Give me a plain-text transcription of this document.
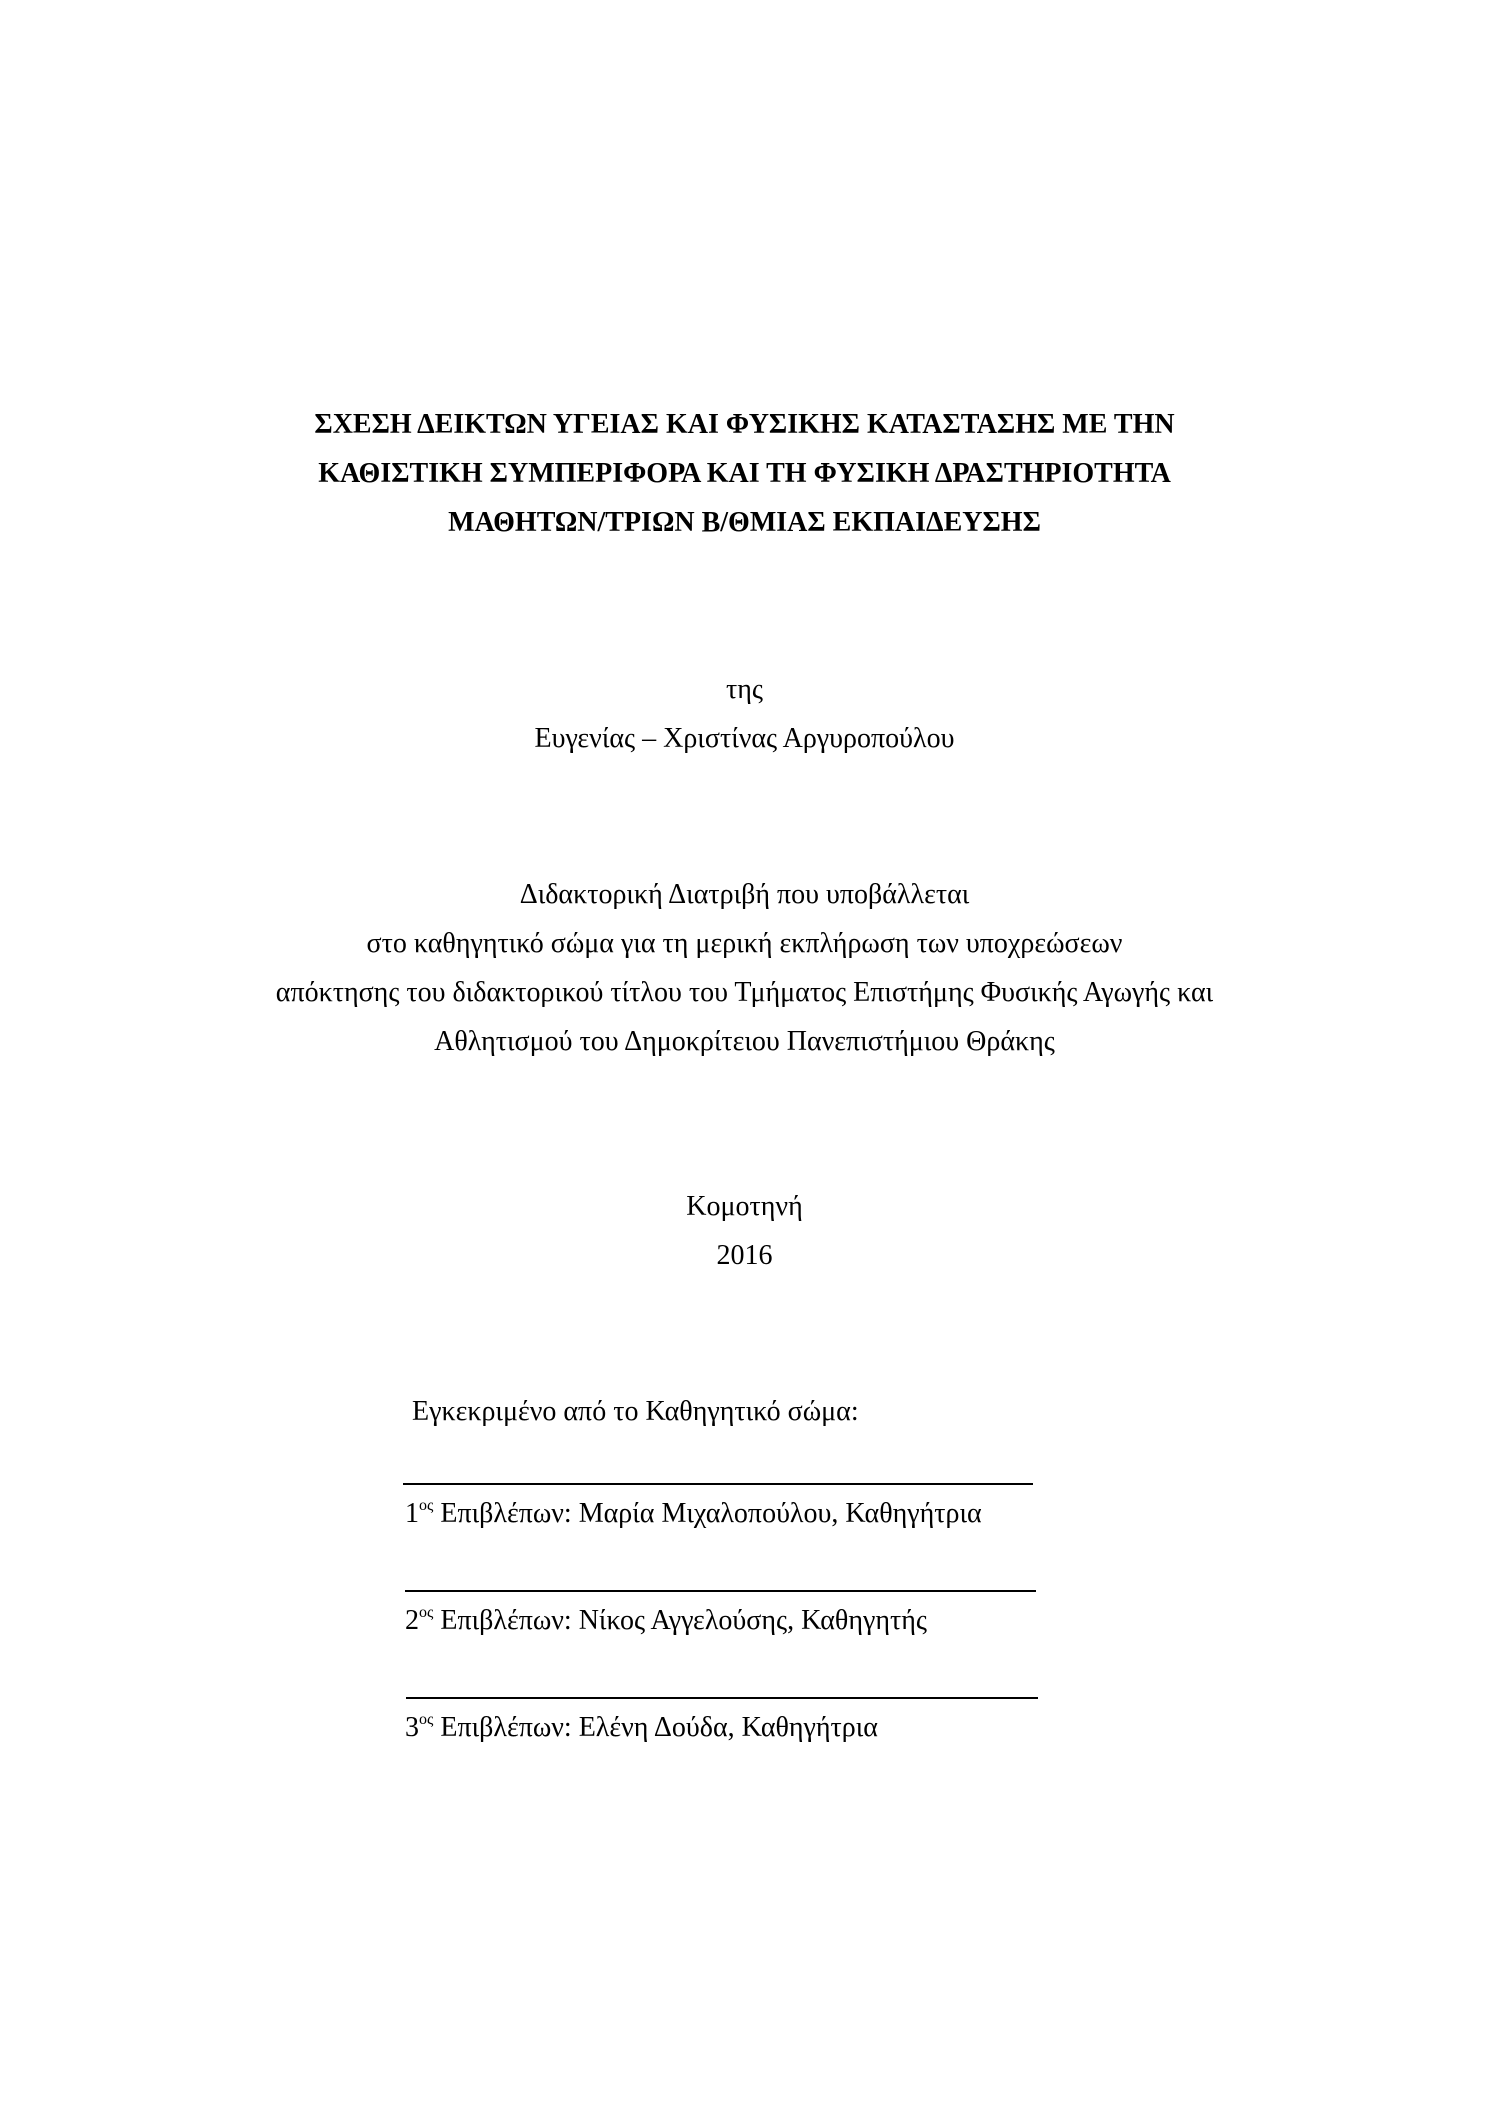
ΣΧΕΣΗ ΔΕΙΚΤΩΝ ΥΓΕΙΑΣ ΚΑΙ ΦΥΣΙΚΗΣ ΚΑΤΑΣΤΑΣΗΣ ΜΕ ΤΗΝ
ΚΑΘΙΣΤΙΚΗ ΣΥΜΠΕΡΙΦΟΡΑ ΚΑΙ ΤΗ ΦΥΣΙΚΗ ΔΡΑΣΤΗΡΙΟΤΗΤΑ
ΜΑΘΗΤΩΝ/ΤΡΙΩΝ Β/ΘΜΙΑΣ ΕΚΠΑΙΔΕΥΣΗΣ
της
Ευγενίας – Χριστίνας Αργυροπούλου
Διδακτορική Διατριβή που υποβάλλεται
στο καθηγητικό σώμα για τη μερική εκπλήρωση των υποχρεώσεων
απόκτησης του διδακτορικού τίτλου του Τμήματος Επιστήμης Φυσικής Αγωγής και
Αθλητισμού του Δημοκρίτειου Πανεπιστήμιου Θράκης
Κομοτηνή
2016
Εγκεκριμένο από το Καθηγητικό σώμα:
$1^{o\varsigma}$ Επιβλέπων: Μαρία Μιχαλοπούλου, Καθηγήτρια
$2^{o\varsigma}$ Επιβλέπων: Νίκος Αγγελούσης, Καθηγητής
$3^{o\varsigma}$ Επιβλέπων: Ελένη Δούδα, Καθηγήτρια
